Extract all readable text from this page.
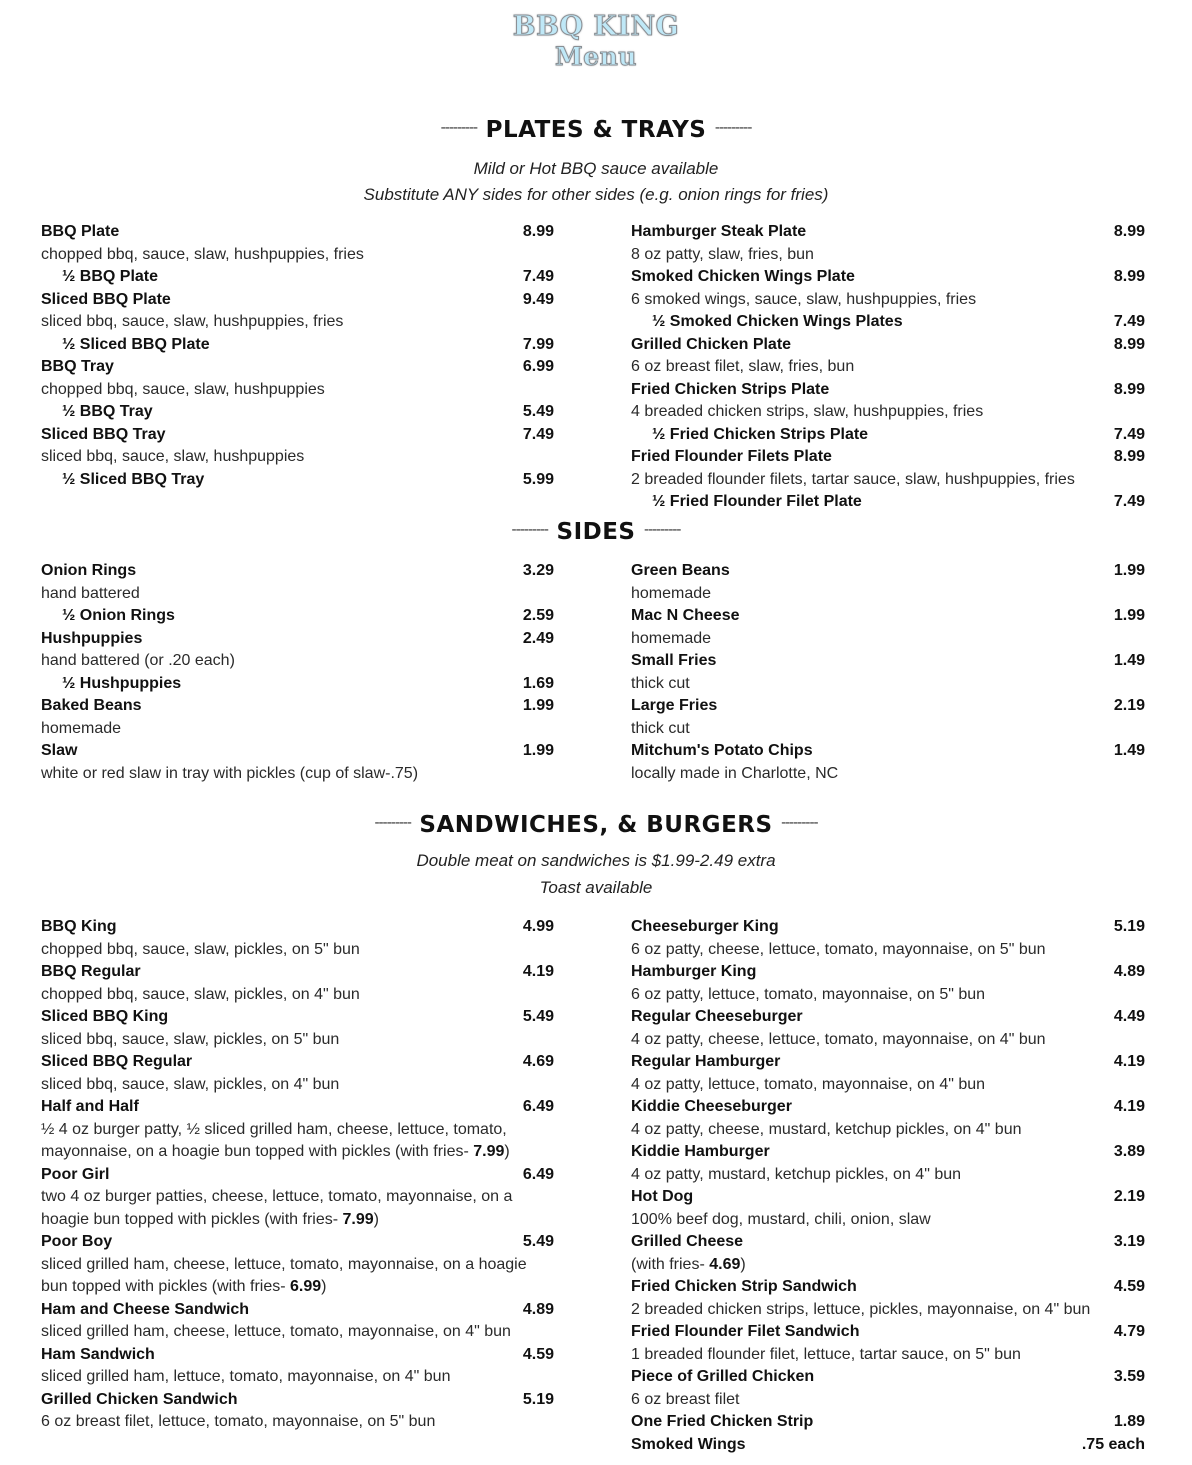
BBQ KING
Menu
--------- PLATES & TRAYS ---------
Mild or Hot BBQ sauce available
Substitute ANY sides for other sides (e.g. onion rings for fries)
BBQ Plate	8.99
chopped bbq, sauce, slaw, hushpuppies, fries
½ BBQ Plate	7.49
Sliced BBQ Plate	9.49
sliced bbq, sauce, slaw, hushpuppies, fries
½ Sliced BBQ Plate	7.99
BBQ Tray	6.99
chopped bbq, sauce, slaw, hushpuppies
½ BBQ Tray	5.49
Sliced BBQ Tray	7.49
sliced bbq, sauce, slaw, hushpuppies
½ Sliced BBQ Tray	5.99
Hamburger Steak Plate	8.99
8 oz patty, slaw, fries, bun
Smoked Chicken Wings Plate	8.99
6 smoked wings, sauce, slaw, hushpuppies, fries
½ Smoked Chicken Wings Plates	7.49
Grilled Chicken Plate	8.99
6 oz breast filet, slaw, fries, bun
Fried Chicken Strips Plate	8.99
4 breaded chicken strips, slaw, hushpuppies, fries
½ Fried Chicken Strips Plate	7.49
Fried Flounder Filets Plate	8.99
2 breaded flounder filets, tartar sauce, slaw, hushpuppies, fries
½ Fried Flounder Filet Plate	7.49
--------- SIDES ---------
Onion Rings	3.29
hand battered
½ Onion Rings	2.59
Hushpuppies	2.49
hand battered (or .20 each)
½ Hushpuppies	1.69
Baked Beans	1.99
homemade
Slaw	1.99
white or red slaw in tray with pickles (cup of slaw-.75)
Green Beans	1.99
homemade
Mac N Cheese	1.99
homemade
Small Fries	1.49
thick cut
Large Fries	2.19
thick cut
Mitchum's Potato Chips	1.49
locally made in Charlotte, NC
--------- SANDWICHES, & BURGERS ---------
Double meat on sandwiches is $1.99-2.49 extra
Toast available
BBQ King	4.99
chopped bbq, sauce, slaw, pickles, on 5" bun
BBQ Regular	4.19
chopped bbq, sauce, slaw, pickles, on 4" bun
Sliced BBQ King	5.49
sliced bbq, sauce, slaw, pickles, on 5" bun
Sliced BBQ Regular	4.69
sliced bbq, sauce, slaw, pickles, on 4" bun
Half and Half	6.49
½ 4 oz burger patty, ½ sliced grilled ham, cheese, lettuce, tomato, mayonnaise, on a hoagie bun topped with pickles (with fries- 7.99)
Poor Girl	6.49
two 4 oz burger patties, cheese, lettuce, tomato, mayonnaise, on a hoagie bun topped with pickles (with fries- 7.99)
Poor Boy	5.49
sliced grilled ham, cheese, lettuce, tomato, mayonnaise, on a hoagie bun topped with pickles (with fries- 6.99)
Ham and Cheese Sandwich	4.89
sliced grilled ham, cheese, lettuce, tomato, mayonnaise, on 4" bun
Ham Sandwich	4.59
sliced grilled ham, lettuce, tomato, mayonnaise, on 4" bun
Grilled Chicken Sandwich	5.19
6 oz breast filet, lettuce, tomato, mayonnaise, on 5" bun
Cheeseburger King	5.19
6 oz patty, cheese, lettuce, tomato, mayonnaise, on 5" bun
Hamburger King	4.89
6 oz patty, lettuce, tomato, mayonnaise, on 5" bun
Regular Cheeseburger	4.49
4 oz patty, cheese, lettuce, tomato, mayonnaise, on 4" bun
Regular Hamburger	4.19
4 oz patty, lettuce, tomato, mayonnaise, on 4" bun
Kiddie Cheeseburger	4.19
4 oz patty, cheese, mustard, ketchup pickles, on 4" bun
Kiddie Hamburger	3.89
4 oz patty, mustard, ketchup pickles, on 4" bun
Hot Dog	2.19
100% beef dog, mustard, chili, onion, slaw
Grilled Cheese	3.19
(with fries- 4.69)
Fried Chicken Strip Sandwich	4.59
2 breaded chicken strips, lettuce, pickles, mayonnaise, on 4" bun
Fried Flounder Filet Sandwich	4.79
1 breaded flounder filet, lettuce, tartar sauce, on 5" bun
Piece of Grilled Chicken	3.59
6 oz breast filet
One Fried Chicken Strip	1.89
Smoked Wings	.75 each
